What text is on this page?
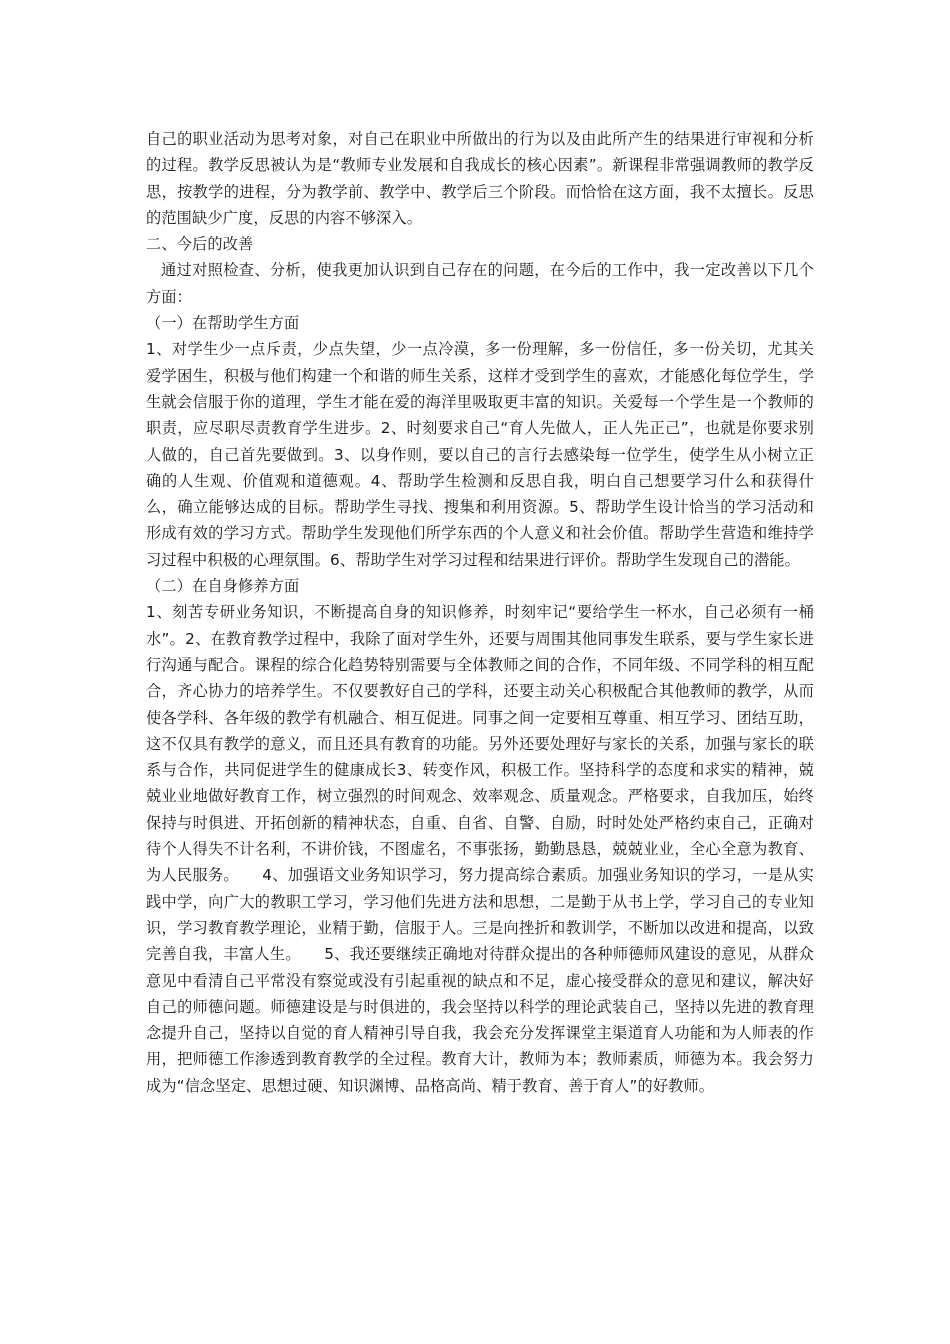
自己的职业活动为思考对象，对自己在职业中所做出的行为以及由此所产生的结果进行审视和分析的过程。教学反思被认为是“教师专业发展和自我成长的核心因素”。新课程非常强调教师的教学反思，按教学的进程，分为教学前、教学中、教学后三个阶段。而恰恰在这方面，我不太擅长。反思的范围缺少广度，反思的内容不够深入。

二、今后的改善

通过对照检查、分析，使我更加认识到自己存在的问题，在今后的工作中，我一定改善以下几个方面：

（一）在帮助学生方面

1、对学生少一点斥责，少点失望，少一点冷漠，多一份理解，多一份信任，多一份关切，尤其关爱学困生，积极与他们构建一个和谐的师生关系，这样才受到学生的喜欢，才能感化每位学生，学生就会信服于你的道理，学生才能在爱的海洋里吸取更丰富的知识。关爱每一个学生是一个教师的职责，应尽职尽责教育学生进步。2、时刻要求自己“育人先做人，正人先正己”，也就是你要求别人做的，自己首先要做到。3、以身作则，要以自己的言行去感染每一位学生，使学生从小树立正确的人生观、价值观和道德观。4、帮助学生检测和反思自我，明白自己想要学习什么和获得什么，确立能够达成的目标。帮助学生寻找、搜集和利用资源。5、帮助学生设计恰当的学习活动和形成有效的学习方式。帮助学生发现他们所学东西的个人意义和社会价值。帮助学生营造和维持学习过程中积极的心理氛围。6、帮助学生对学习过程和结果进行评价。帮助学生发现自己的潜能。

（二）在自身修养方面

1、刻苦专研业务知识，不断提高自身的知识修养，时刻牢记“要给学生一杯水，自己必须有一桶水”。2、在教育教学过程中，我除了面对学生外，还要与周围其他同事发生联系，要与学生家长进行沟通与配合。课程的综合化趋势特别需要与全体教师之间的合作，不同年级、不同学科的相互配合，齐心协力的培养学生。不仅要教好自己的学科，还要主动关心积极配合其他教师的教学，从而使各学科、各年级的教学有机融合、相互促进。同事之间一定要相互尊重、相互学习、团结互助，这不仅具有教学的意义，而且还具有教育的功能。另外还要处理好与家长的关系，加强与家长的联系与合作，共同促进学生的健康成长3、转变作风，积极工作。坚持科学的态度和求实的精神，兢兢业业地做好教育工作，树立强烈的时间观念、效率观念、质量观念。严格要求，自我加压，始终保持与时俱进、开拓创新的精神状态，自重、自省、自警、自励，时时处处严格约束自己，正确对待个人得失不计名利，不讲价钱，不图虚名，不事张扬，勤勤恳恳，兢兢业业，全心全意为教育、为人民服务。　　4、加强语文业务知识学习，努力提高综合素质。加强业务知识的学习，一是从实践中学，向广大的教职工学习，学习他们先进方法和思想，二是勤于从书上学，学习自己的专业知识，学习教育教学理论，业精于勤，信服于人。三是向挫折和教训学，不断加以改进和提高，以致完善自我，丰富人生。　　5、我还要继续正确地对待群众提出的各种师德师风建设的意见，从群众意见中看清自己平常没有察觉或没有引起重视的缺点和不足，虚心接受群众的意见和建议，解决好自己的师德问题。师德建设是与时俱进的，我会坚持以科学的理论武装自己，坚持以先进的教育理念提升自己，坚持以自觉的育人精神引导自我，我会充分发挥课堂主渠道育人功能和为人师表的作用，把师德工作渗透到教育教学的全过程。教育大计，教师为本；教师素质，师德为本。我会努力成为“信念坚定、思想过硬、知识渊博、品格高尚、精于教育、善于育人”的好教师。
